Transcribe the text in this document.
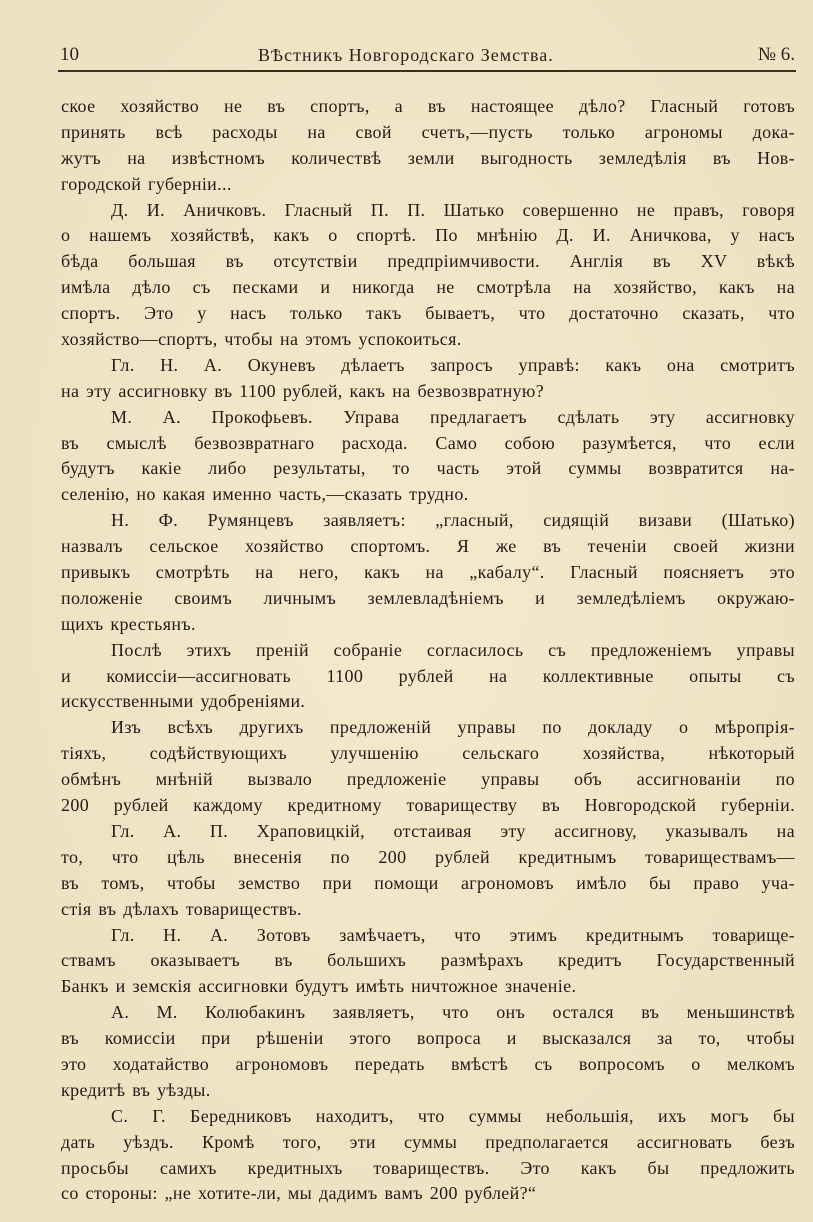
10	ВѢстникъ Новгородскаго Земства.	№ 6.
ское хозяйство не въ спортъ, а въ настоящее дѣло? Гласный готовъ
принять всѣ расходы на свой счетъ,—пусть только агрономы дока-
жутъ на извѣстномъ количествѣ земли выгодность земледѣлія въ Нов-
городской губерніи...
Д. И. Аничковъ. Гласный П. П. Шатько совершенно не правъ, говоря
о нашемъ хозяйствѣ, какъ о спортѣ. По мнѣнію Д. И. Аничкова, у насъ
бѣда большая въ отсутствіи предпріимчивости. Англія въ XV вѣкѣ
имѣла дѣло съ песками и никогда не смотрѣла на хозяйство, какъ на
спортъ. Это у насъ только такъ бываетъ, что достаточно сказать, что
хозяйство—спортъ, чтобы на этомъ успокоиться.
Гл. Н. А. Окуневъ дѣлаетъ запросъ управѣ: какъ она смотритъ
на эту ассигновку въ 1100 рублей, какъ на безвозвратную?
М. А. Прокофьевъ. Управа предлагаетъ сдѣлать эту ассигновку
въ смыслѣ безвозвратнаго расхода. Само собою разумѣется, что если
будутъ какіе либо результаты, то часть этой суммы возвратится на-
селенію, но какая именно часть,—сказать трудно.
Н. Ф. Румянцевъ заявляетъ: „гласный, сидящій визави (Шатько)
назвалъ сельское хозяйство спортомъ. Я же въ теченіи своей жизни
привыкъ смотрѣть на него, какъ на „кабалу“. Гласный поясняетъ это
положеніе своимъ личнымъ землевладѣніемъ и земледѣліемъ окружаю-
щихъ крестьянъ.
Послѣ этихъ преній собраніе согласилось съ предложеніемъ управы
и комиссіи—ассигновать 1100 рублей на коллективные опыты съ
искусственными удобреніями.
Изъ всѣхъ другихъ предложеній управы по докладу о мѣропрія-
тіяхъ, содѣйствующихъ улучшенію сельскаго хозяйства, нѣкоторый
обмѣнъ мнѣній вызвало предложеніе управы объ ассигнованіи по
200 рублей каждому кредитному товариществу въ Новгородской губерніи.
Гл. А. П. Храповицкій, отстаивая эту ассигнову, указывалъ на
то, что цѣль внесенія по 200 рублей кредитнымъ товариществамъ—
въ томъ, чтобы земство при помощи агрономовъ имѣло бы право уча-
стія въ дѣлахъ товариществъ.
Гл. Н. А. Зотовъ замѣчаетъ, что этимъ кредитнымъ товарище-
ствамъ оказываетъ въ большихъ размѣрахъ кредитъ Государственный
Банкъ и земскія ассигновки будутъ имѣть ничтожное значеніе.
А. М. Колюбакинъ заявляетъ, что онъ остался въ меньшинствѣ
въ комиссіи при рѣшеніи этого вопроса и высказался за то, чтобы
это ходатайство агрономовъ передать вмѣстѣ съ вопросомъ о мелкомъ
кредитѣ въ уѣзды.
С. Г. Бeредниковъ находитъ, что суммы небольшія, ихъ могъ бы
дать уѣздъ. Кромѣ того, эти суммы предполагается ассигновать безъ
просьбы самихъ кредитныхъ товариществъ. Это какъ бы предложить
со стороны: „не хотите-ли, мы дадимъ вамъ 200 рублей?“
